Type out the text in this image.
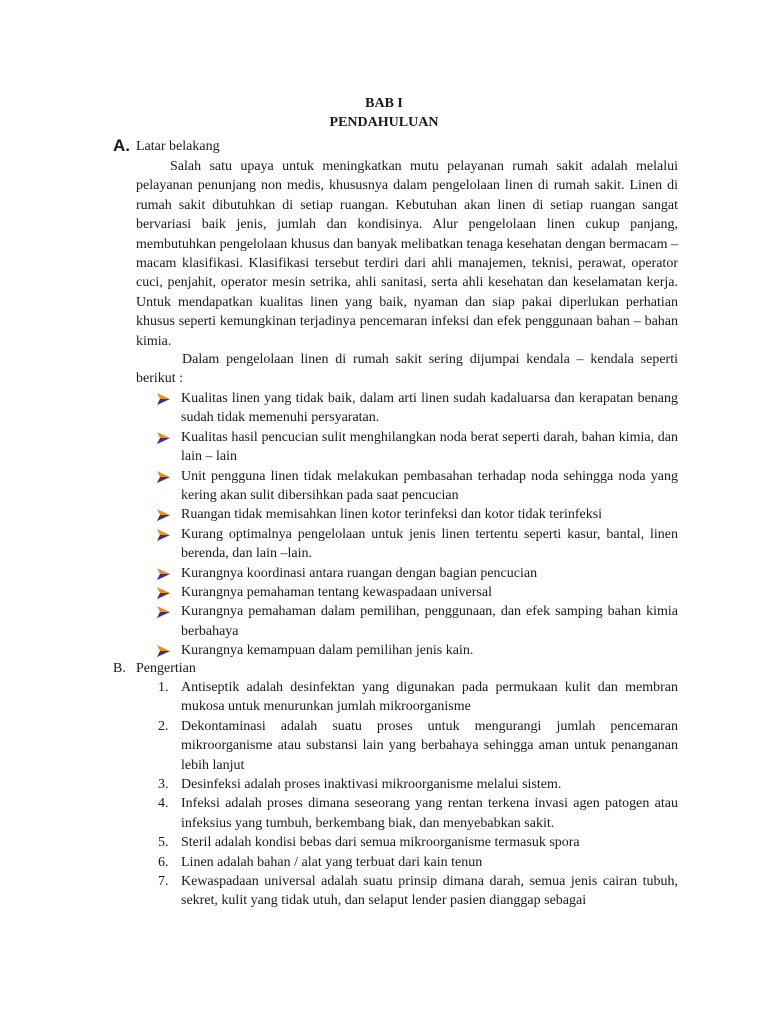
BAB I
PENDAHULUAN
A. Latar belakang

Salah satu upaya untuk meningkatkan mutu pelayanan rumah sakit adalah melalui pelayanan penunjang non medis, khususnya dalam pengelolaan linen di rumah sakit. Linen di rumah sakit dibutuhkan di setiap ruangan. Kebutuhan akan linen di setiap ruangan sangat bervariasi baik jenis, jumlah dan kondisinya. Alur pengelolaan linen cukup panjang, membutuhkan pengelolaan khusus dan banyak melibatkan tenaga kesehatan dengan bermacam – macam klasifikasi. Klasifikasi tersebut terdiri dari ahli manajemen, teknisi, perawat, operator cuci, penjahit, operator mesin setrika, ahli sanitasi, serta ahli kesehatan dan keselamatan kerja. Untuk mendapatkan kualitas linen yang baik, nyaman dan siap pakai diperlukan perhatian khusus seperti kemungkinan terjadinya pencemaran infeksi dan efek penggunaan bahan – bahan kimia.

Dalam pengelolaan linen di rumah sakit sering dijumpai kendala – kendala seperti berikut :

Kualitas linen yang tidak baik, dalam arti linen sudah kadaluarsa dan kerapatan benang sudah tidak memenuhi persyaratan.
Kualitas hasil pencucian sulit menghilangkan noda berat seperti darah, bahan kimia, dan lain – lain
Unit pengguna linen tidak melakukan pembasahan terhadap noda sehingga noda yang kering akan sulit dibersihkan pada saat pencucian
Ruangan tidak memisahkan linen kotor terinfeksi dan kotor tidak terinfeksi
Kurang optimalnya pengelolaan untuk jenis linen tertentu seperti kasur, bantal, linen berenda, dan lain –lain.
Kurangnya koordinasi antara ruangan dengan bagian pencucian
Kurangnya pemahaman tentang kewaspadaan universal
Kurangnya pemahaman dalam pemilihan, penggunaan, dan efek samping bahan kimia berbahaya
Kurangnya kemampuan dalam pemilihan jenis kain.
B. Pengertian
1. Antiseptik adalah desinfektan yang digunakan pada permukaan kulit dan membran mukosa untuk menurunkan jumlah mikroorganisme
2. Dekontaminasi adalah suatu proses untuk mengurangi jumlah pencemaran mikroorganisme atau substansi lain yang berbahaya sehingga aman untuk penanganan lebih lanjut
3. Desinfeksi adalah proses inaktivasi mikroorganisme melalui sistem.
4. Infeksi adalah proses dimana seseorang yang rentan terkena invasi agen patogen atau infeksius yang tumbuh, berkembang biak, dan menyebabkan sakit.
5. Steril adalah kondisi bebas dari semua mikroorganisme termasuk spora
6. Linen adalah bahan / alat yang terbuat dari kain tenun
7. Kewaspadaan universal adalah suatu prinsip dimana darah, semua jenis cairan tubuh, sekret, kulit yang tidak utuh, dan selaput lender pasien dianggap sebagai
